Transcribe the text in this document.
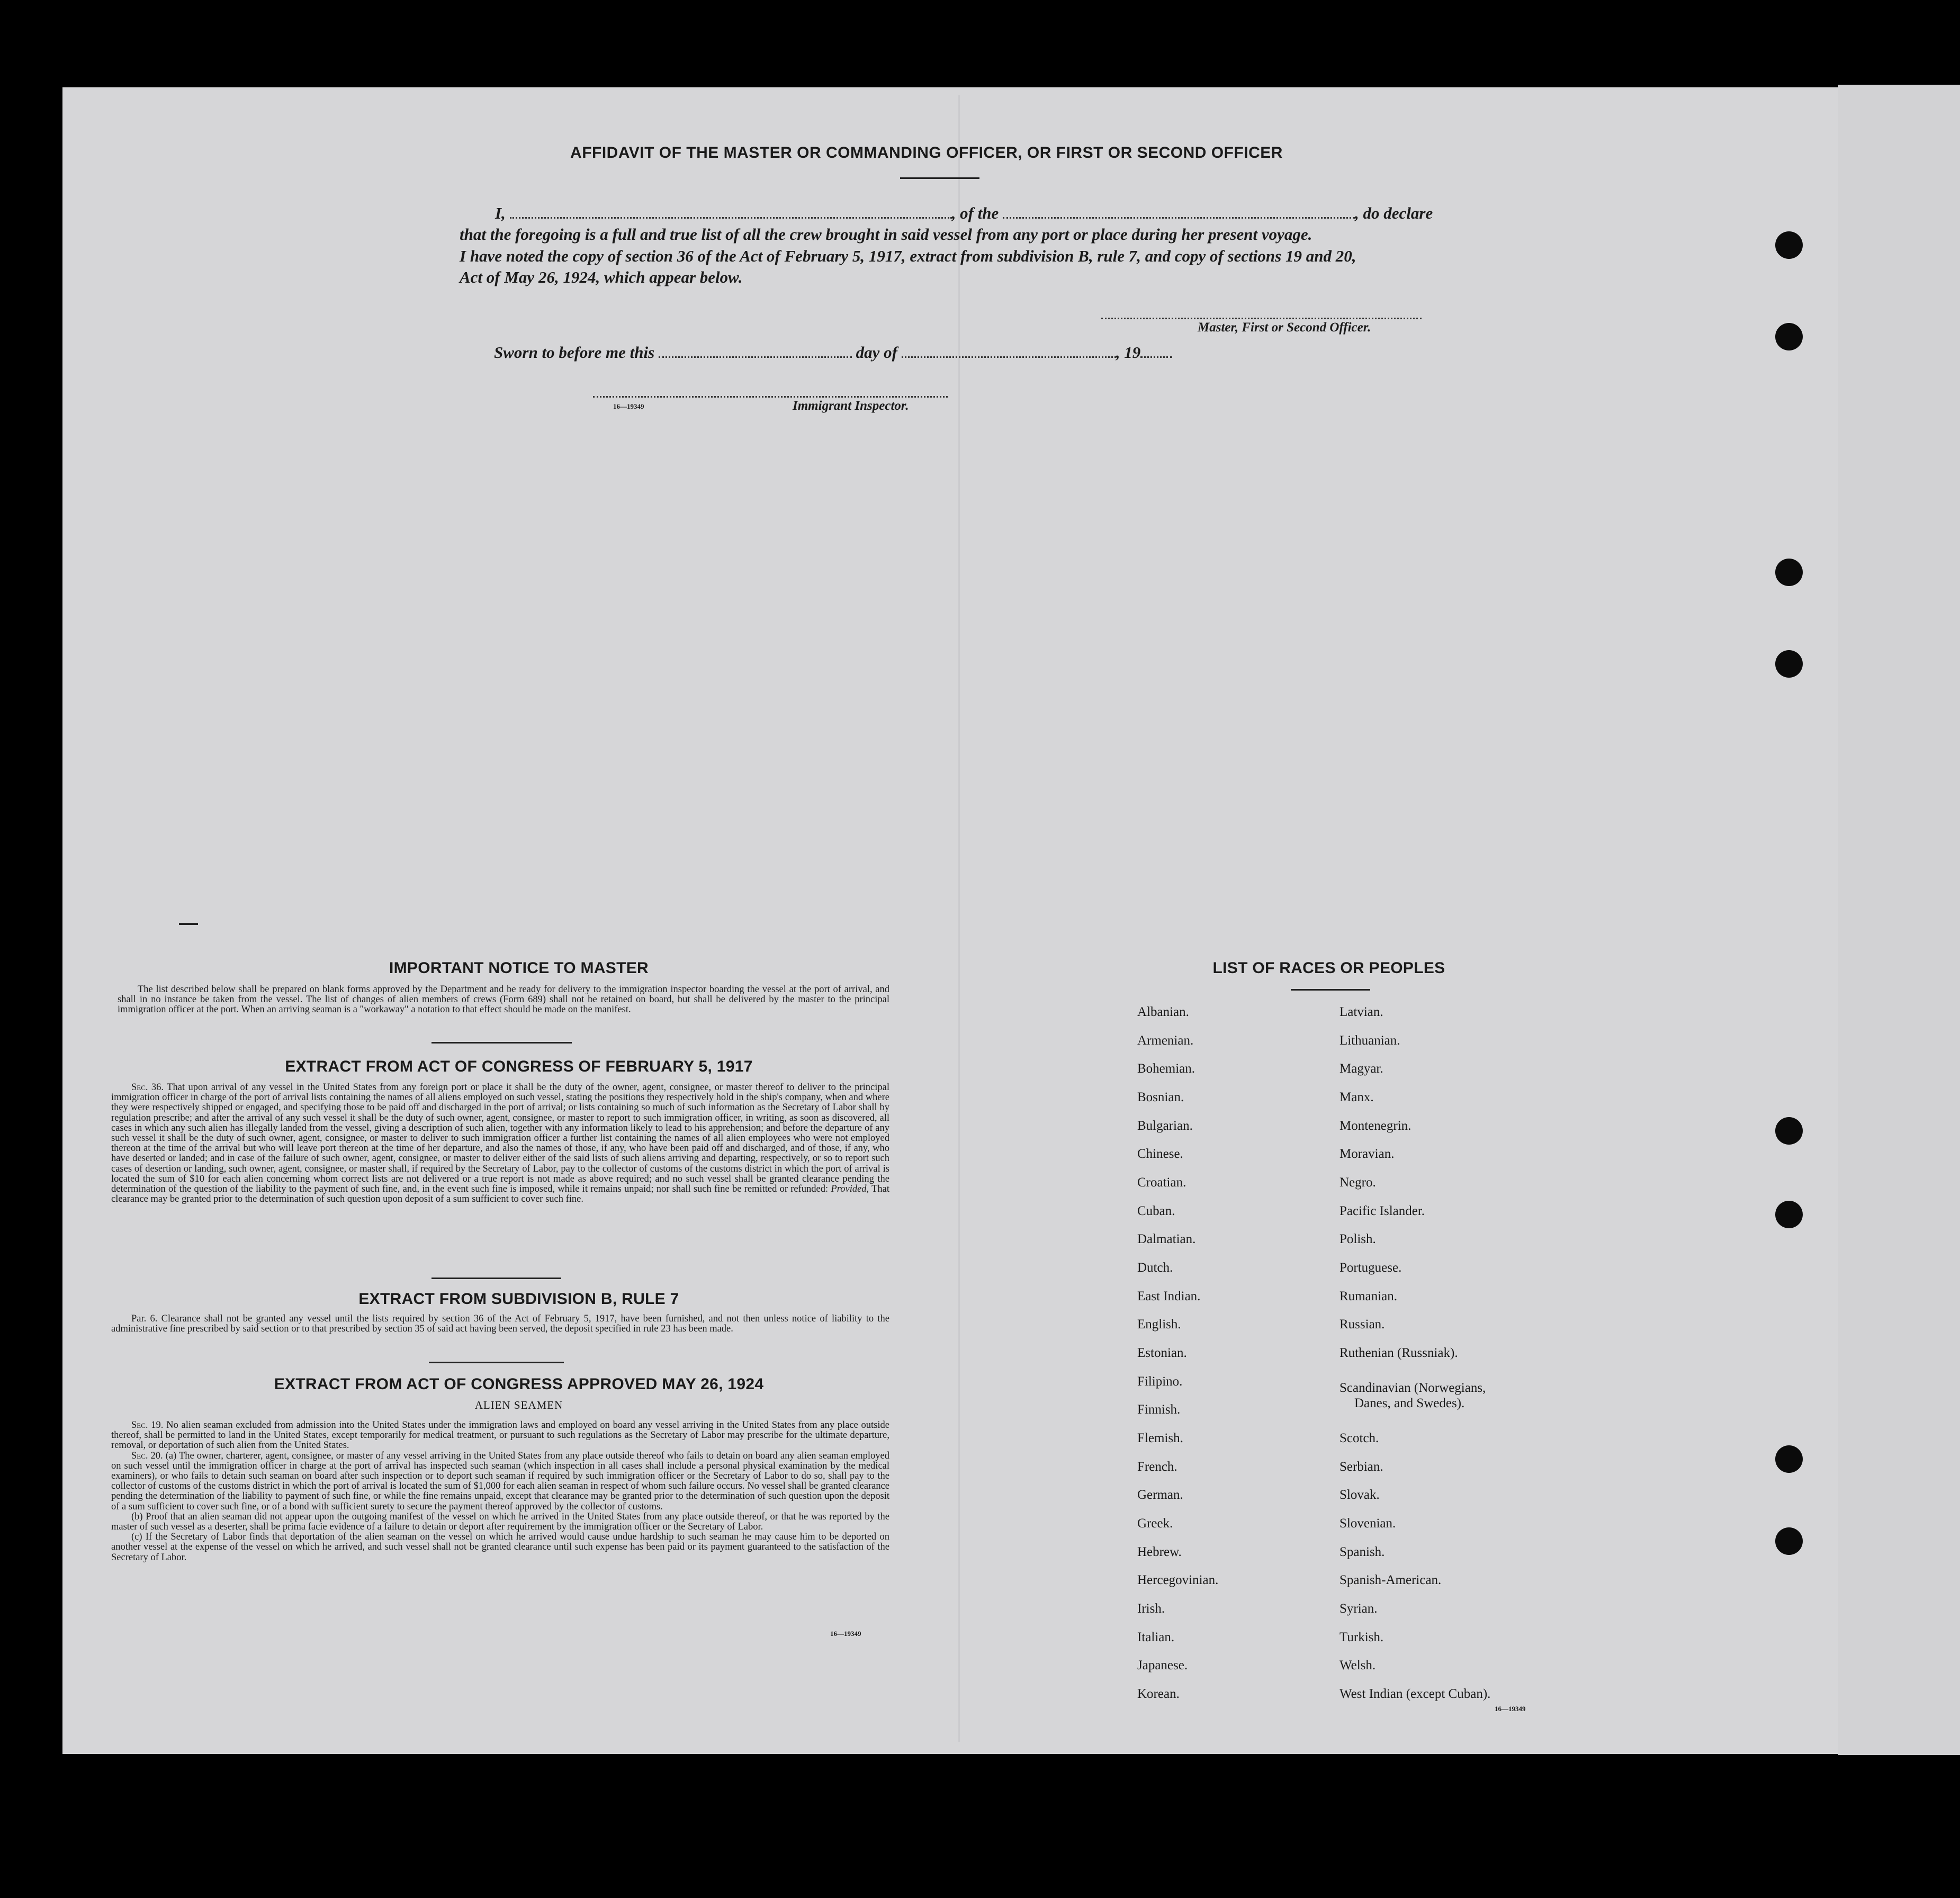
AFFIDAVIT OF THE MASTER OR COMMANDING OFFICER, OR FIRST OR SECOND OFFICER
I,	, of the	, do declare
that the foregoing is a full and true list of all the crew brought in said vessel from any port or place during her present voyage.
I have noted the copy of section 36 of the Act of February 5, 1917, extract from subdivision B, rule 7, and copy of sections 19 and 20,
Act of May 26, 1924, which appear below.
Master, First or Second Officer.
Sworn to before me this	day of	, 19
16—19349	Immigrant Inspector.
IMPORTANT NOTICE TO MASTER
The list described below shall be prepared on blank forms approved by the Department and be ready for delivery to the immigration inspector boarding the vessel at the port of arrival, and shall in no instance be taken from the vessel. The list of changes of alien members of crews (Form 689) shall not be retained on board, but shall be delivered by the master to the principal immigration officer at the port. When an arriving seaman is a "workaway" a notation to that effect should be made on the manifest.
EXTRACT FROM ACT OF CONGRESS OF FEBRUARY 5, 1917
Sec. 36. That upon arrival of any vessel in the United States from any foreign port or place it shall be the duty of the owner, agent, consignee, or master thereof to deliver to the principal immigration officer in charge of the port of arrival lists containing the names of all aliens employed on such vessel, stating the positions they respectively hold in the ship's company, when and where they were respectively shipped or engaged, and specifying those to be paid off and discharged in the port of arrival; or lists containing so much of such information as the Secretary of Labor shall by regulation prescribe; and after the arrival of any such vessel it shall be the duty of such owner, agent, consignee, or master to report to such immigration officer, in writing, as soon as discovered, all cases in which any such alien has illegally landed from the vessel, giving a description of such alien, together with any information likely to lead to his apprehension; and before the departure of any such vessel it shall be the duty of such owner, agent, consignee, or master to deliver to such immigration officer a further list containing the names of all alien employees who were not employed thereon at the time of the arrival but who will leave port thereon at the time of her departure, and also the names of those, if any, who have been paid off and discharged, and of those, if any, who have deserted or landed; and in case of the failure of such owner, agent, consignee, or master to deliver either of the said lists of such aliens arriving and departing, respectively, or so to report such cases of desertion or landing, such owner, agent, consignee, or master shall, if required by the Secretary of Labor, pay to the collector of customs of the customs district in which the port of arrival is located the sum of $10 for each alien concerning whom correct lists are not delivered or a true report is not made as above required; and no such vessel shall be granted clearance pending the determination of the question of the liability to the payment of such fine, and, in the event such fine is imposed, while it remains unpaid; nor shall such fine be remitted or refunded: Provided, That clearance may be granted prior to the determination of such question upon deposit of a sum sufficient to cover such fine.
EXTRACT FROM SUBDIVISION B, RULE 7
Par. 6. Clearance shall not be granted any vessel until the lists required by section 36 of the Act of February 5, 1917, have been furnished, and not then unless notice of liability to the administrative fine prescribed by said section or to that prescribed by section 35 of said act having been served, the deposit specified in rule 23 has been made.
EXTRACT FROM ACT OF CONGRESS APPROVED MAY 26, 1924
ALIEN SEAMEN

Sec. 19. No alien seaman excluded from admission into the United States under the immigration laws and employed on board any vessel arriving in the United States from any place outside thereof, shall be permitted to land in the United States, except temporarily for medical treatment, or pursuant to such regulations as the Secretary of Labor may prescribe for the ultimate departure, removal, or deportation of such alien from the United States.

Sec. 20. (a) The owner, charterer, agent, consignee, or master of any vessel arriving in the United States from any place outside thereof who fails to detain on board any alien seaman employed on such vessel until the immigration officer in charge at the port of arrival has inspected such seaman (which inspection in all cases shall include a personal physical examination by the medical examiners), or who fails to detain such seaman on board after such inspection or to deport such seaman if required by such immigration officer or the Secretary of Labor to do so, shall pay to the collector of customs of the customs district in which the port of arrival is located the sum of $1,000 for each alien seaman in respect of whom such failure occurs. No vessel shall be granted clearance pending the determination of the liability to payment of such fine, or while the fine remains unpaid, except that clearance may be granted prior to the determination of such question upon the deposit of a sum sufficient to cover such fine, or of a bond with sufficient surety to secure the payment thereof approved by the collector of customs.

(b) Proof that an alien seaman did not appear upon the outgoing manifest of the vessel on which he arrived in the United States from any place outside thereof, or that he was reported by the master of such vessel as a deserter, shall be prima facie evidence of a failure to detain or deport after requirement by the immigration officer or the Secretary of Labor.

(c) If the Secretary of Labor finds that deportation of the alien seaman on the vessel on which he arrived would cause undue hardship to such seaman he may cause him to be deported on another vessel at the expense of the vessel on which he arrived, and such vessel shall not be granted clearance until such expense has been paid or its payment guaranteed to the satisfaction of the Secretary of Labor.

16—19349
LIST OF RACES OR PEOPLES
Albanian.
Armenian.
Bohemian.
Bosnian.
Bulgarian.
Chinese.
Croatian.
Cuban.
Dalmatian.
Dutch.
East Indian.
English.
Estonian.
Filipino.
Finnish.
Flemish.
French.
German.
Greek.
Hebrew.
Hercegovinian.
Irish.
Italian.
Japanese.
Korean.
Latvian.
Lithuanian.
Magyar.
Manx.
Montenegrin.
Moravian.
Negro.
Pacific Islander.
Polish.
Portuguese.
Rumanian.
Russian.
Ruthenian (Russniak).
Scandinavian (Norwegians,
Danes, and Swedes).
Scotch.
Serbian.
Slovak.
Slovenian.
Spanish.
Spanish-American.
Syrian.
Turkish.
Welsh.
West Indian (except Cuban).
16—19349
